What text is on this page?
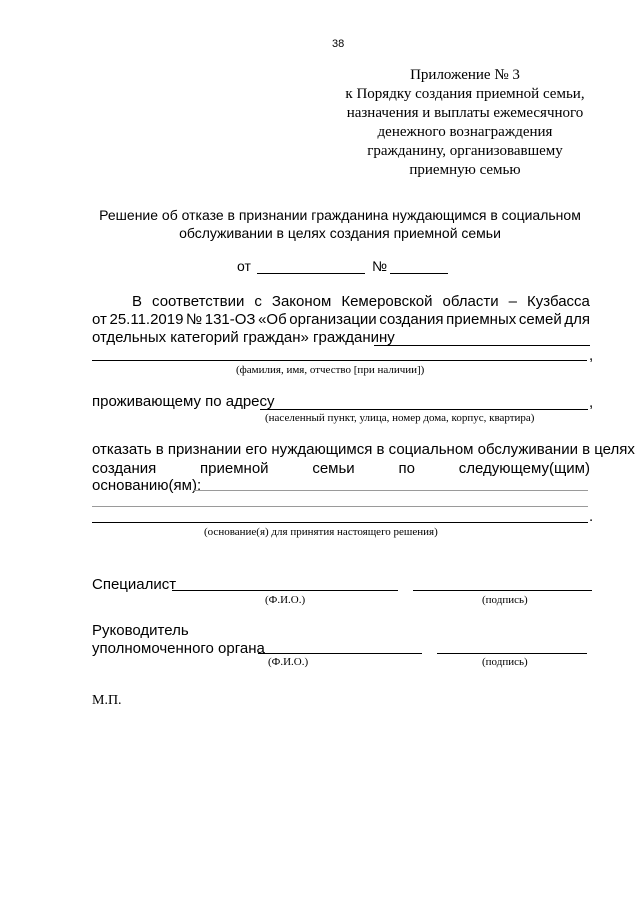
38
Приложение № 3
к Порядку создания приемной семьи,
назначения и выплаты ежемесячного
денежного вознаграждения
гражданину, организовавшему
приемную семью
Решение об отказе в признании гражданина нуждающимся в социальном
обслуживании в целях создания приемной семьи
от	№
В соответствии с Законом Кемеровской области – Кузбасса
от 25.11.2019 № 131-ОЗ «Об организации создания приемных семей для
отдельных категорий граждан» гражданину
,
(фамилия, имя, отчество [при наличии])
проживающему по адресу	,
(населенный пункт, улица, номер дома, корпус, квартира)
отказать в признании его нуждающимся в социальном обслуживании в целях
создания	приемной	семьи	по	следующему(щим)
основанию(ям):
.
(основание(я) для принятия настоящего решения)
Специалист
(Ф.И.О.)	(подпись)
Руководитель
уполномоченного органа
(Ф.И.О.)	(подпись)
М.П.
